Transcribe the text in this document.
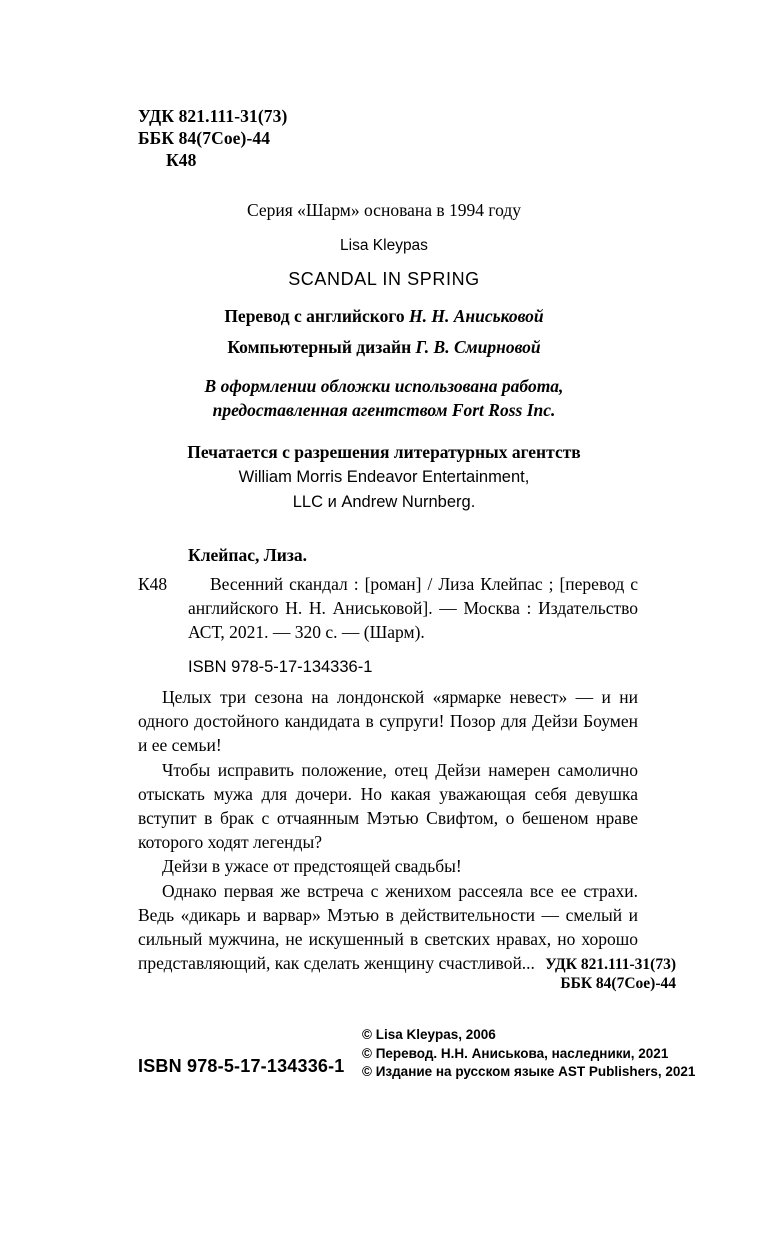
УДК 821.111-31(73)
ББК 84(7Сое)-44
К48
Серия «Шарм» основана в 1994 году
Lisa Kleypas
SCANDAL IN SPRING
Перевод с английского Н. Н. Аниськовой
Компьютерный дизайн Г. В. Смирновой
В оформлении обложки использована работа,
предоставленная агентством Fort Ross Inc.
Печатается с разрешения литературных агентств
William Morris Endeavor Entertainment,
LLC и Andrew Nurnberg.
Клейпас, Лиза.
К48	Весенний скандал : [роман] / Лиза Клейпас ; [перевод с английского Н. Н. Аниськовой]. — Москва : Издательство АСТ, 2021. — 320 с. — (Шарм).
ISBN 978-5-17-134336-1

Целых три сезона на лондонской «ярмарке невест» — и ни одного достойного кандидата в супруги! Позор для Дейзи Боумен и ее семьи!

Чтобы исправить положение, отец Дейзи намерен самолично отыскать мужа для дочери. Но какая уважающая себя девушка вступит в брак с отчаянным Мэтью Свифтом, о бешеном нраве которого ходят легенды?

Дейзи в ужасе от предстоящей свадьбы!

Однако первая же встреча с женихом рассеяла все ее страхи. Ведь «дикарь и варвар» Мэтью в действительности — смелый и сильный мужчина, не искушенный в светских нравах, но хорошо представляющий, как сделать женщину счастливой... УДК 821.111-31(73)
ББК 84(7Сое)-44
© Lisa Kleypas, 2006
© Перевод. Н.Н. Аниськова, наследники, 2021
© Издание на русском языке AST Publishers, 2021
ISBN 978-5-17-134336-1
